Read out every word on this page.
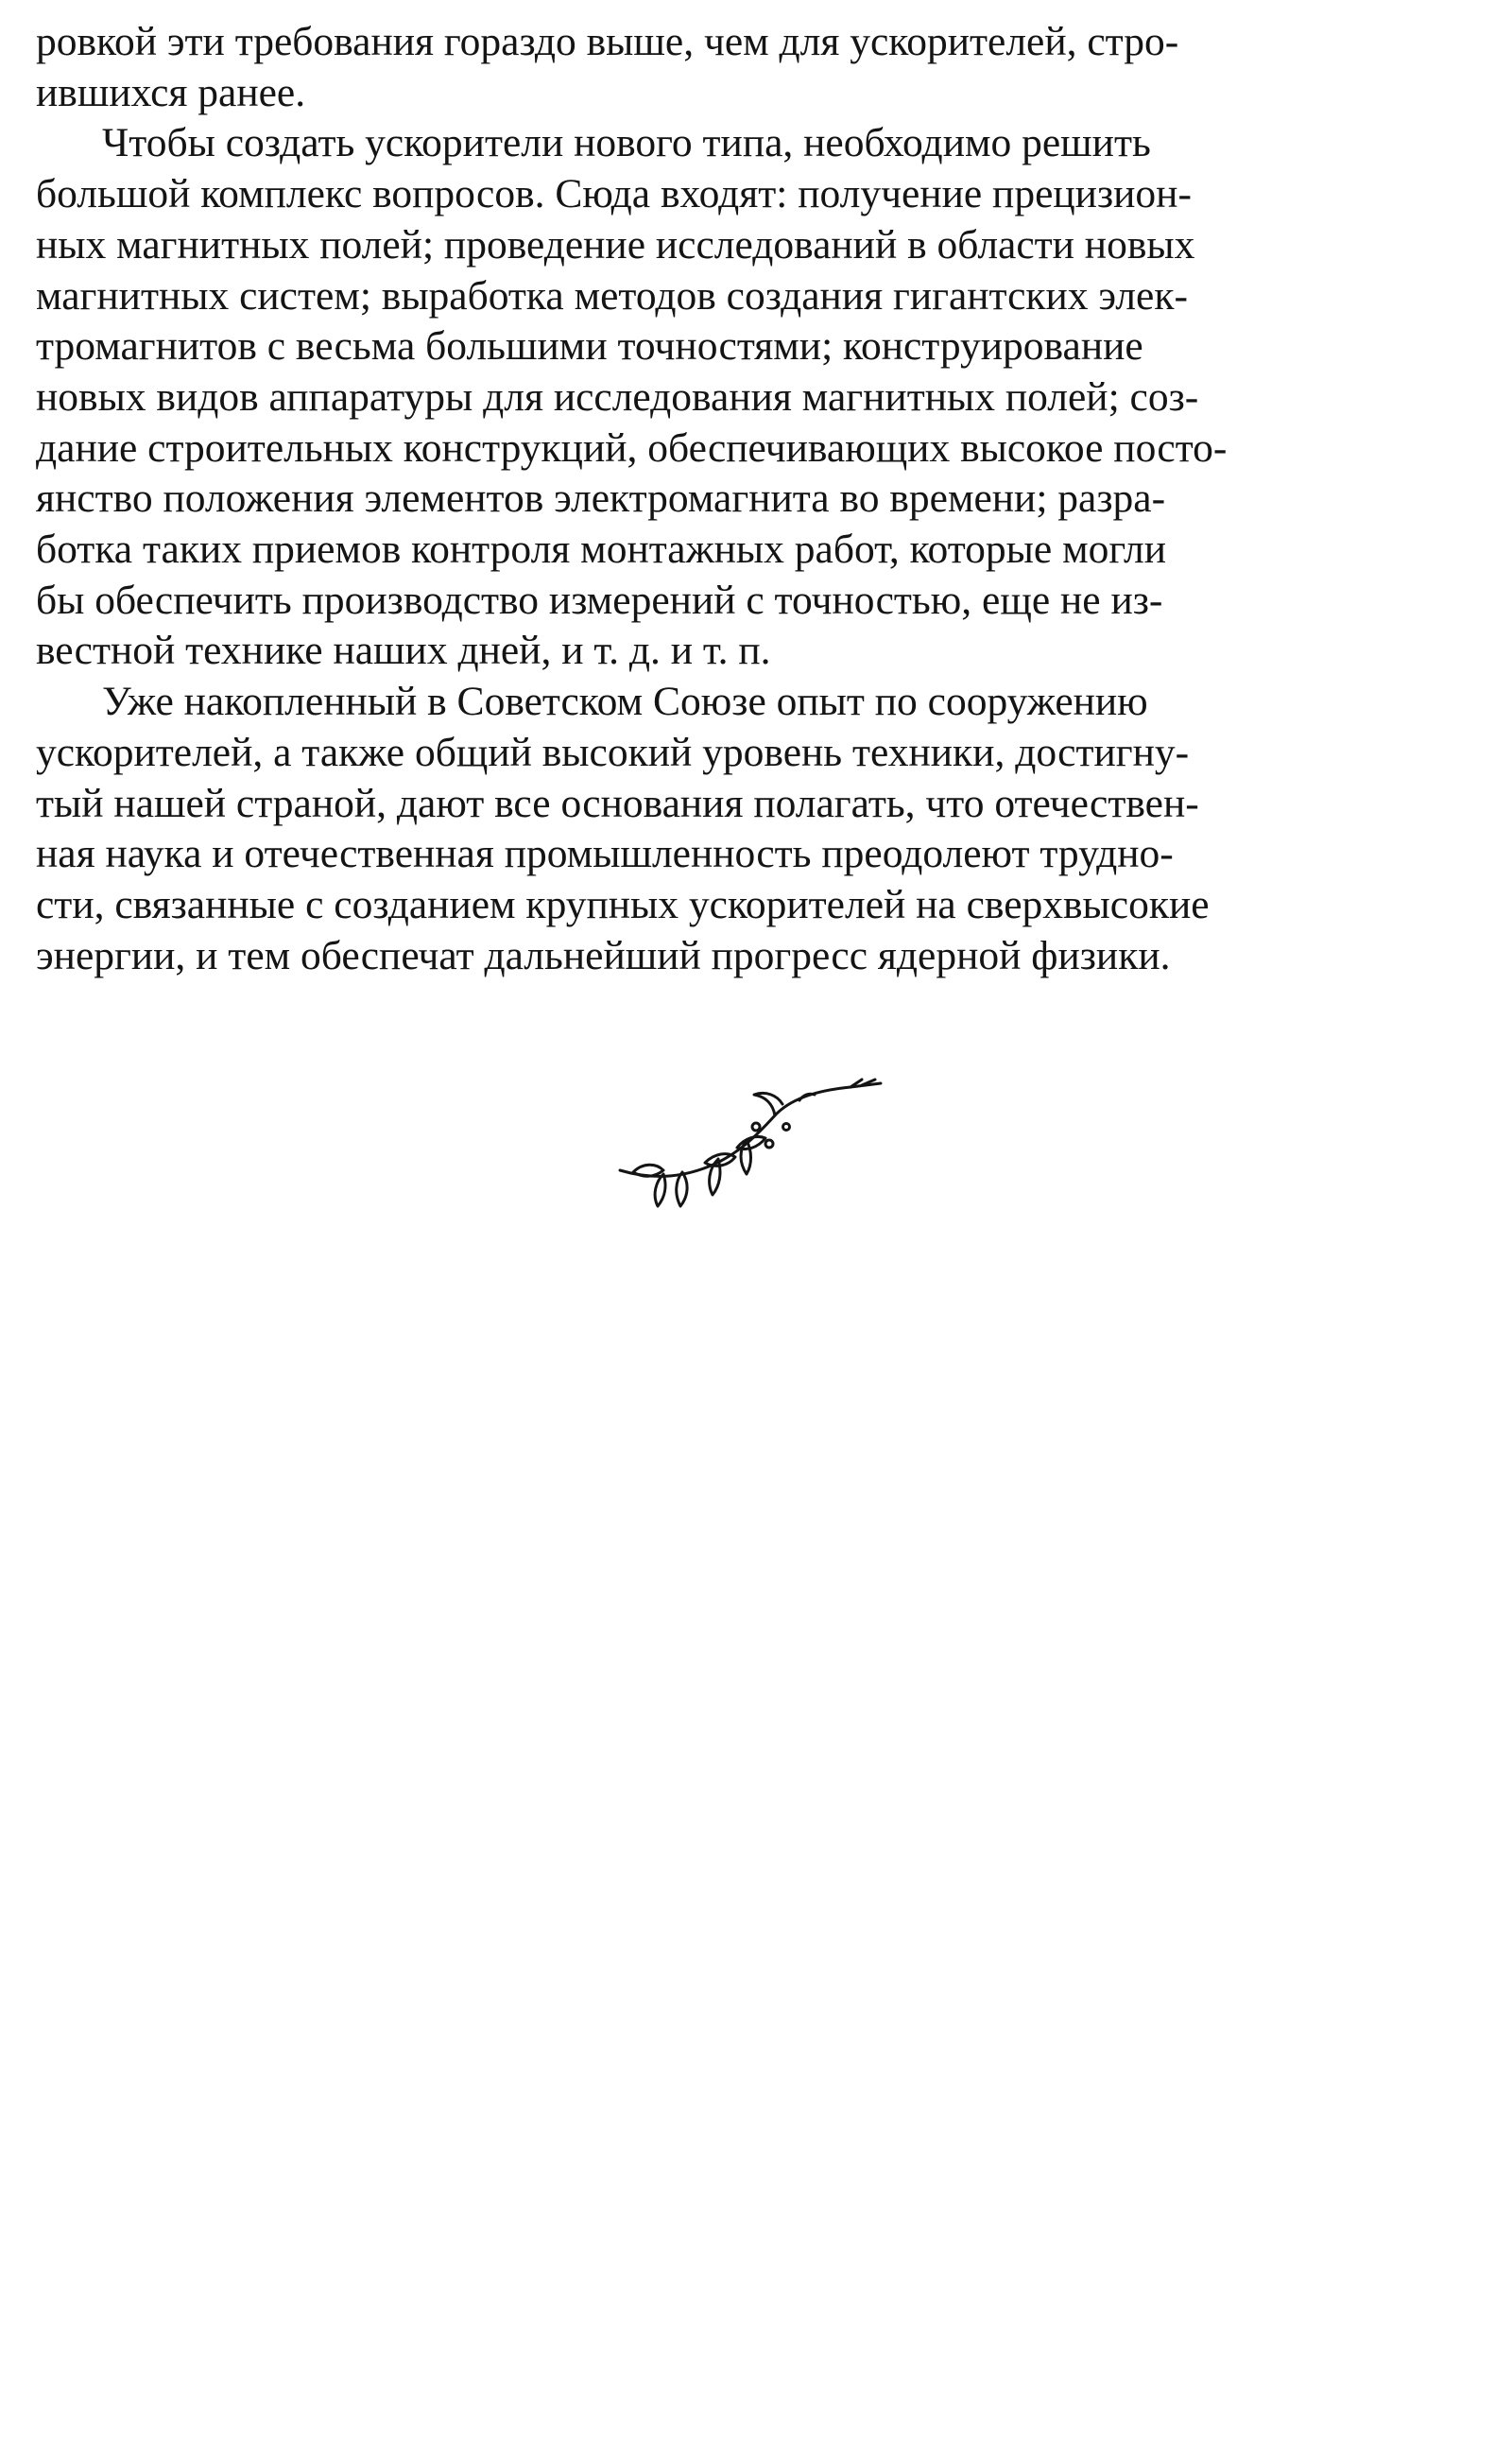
ровкой эти требования гораздо выше, чем для ускорителей, стро-
ившихся ранее.

Чтобы создать ускорители нового типа, необходимо решить
большой комплекс вопросов. Сюда входят: получение прецизион-
ных магнитных полей; проведение исследований в области новых
магнитных систем; выработка методов создания гигантских элек-
тромагнитов с весьма большими точностями; конструирование
новых видов аппаратуры для исследования магнитных полей; соз-
дание строительных конструкций, обеспечивающих высокое посто-
янство положения элементов электромагнита во времени; разра-
ботка таких приемов контроля монтажных работ, которые могли
бы обеспечить производство измерений с точностью, еще не из-
вестной технике наших дней, и т. д. и т. п.

Уже накопленный в Советском Союзе опыт по сооружению
ускорителей, а также общий высокий уровень техники, достигну-
тый нашей страной, дают все основания полагать, что отечествен-
ная наука и отечественная промышленность преодолеют трудно-
сти, связанные с созданием крупных ускорителей на сверхвысокие
энергии, и тем обеспечат дальнейший прогресс ядерной физики.
